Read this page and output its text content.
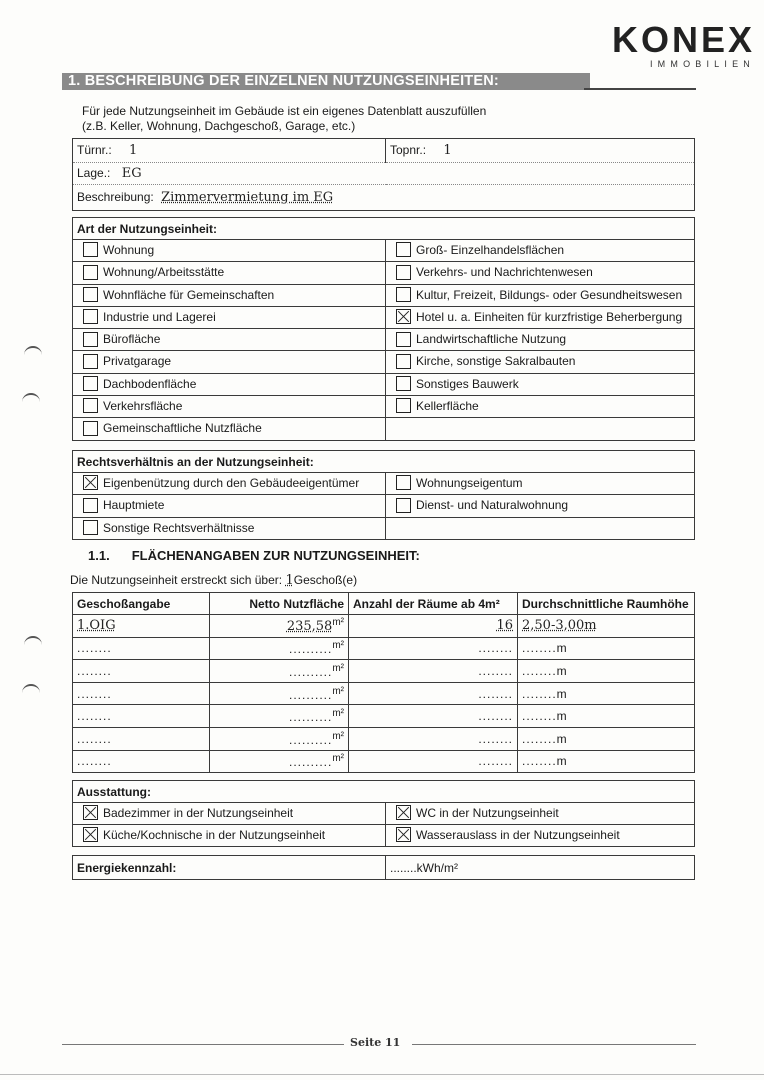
KONEX
IMMOBILIEN
1. BESCHREIBUNG DER EINZELNEN NUTZUNGSEINHEITEN:
Für jede Nutzungseinheit im Gebäude ist ein eigenes Datenblatt auszufüllen
(z.B. Keller, Wohnung, Dachgeschoß, Garage, etc.)
Türnr.: 1	Topnr.: 1
Lage.: EG
Beschreibung: Zimmervermietung im EG
Art der Nutzungseinheit:	
Wohnung	Groß- Einzelhandelsflächen
Wohnung/Arbeitsstätte	Verkehrs- und Nachrichtenwesen
Wohnfläche für Gemeinschaften	Kultur, Freizeit, Bildungs- oder Gesundheitswesen
Industrie und Lagerei	Hotel u. a. Einheiten für kurzfristige Beherbergung
Bürofläche	Landwirtschaftliche Nutzung
Privatgarage	Kirche, sonstige Sakralbauten
Dachbodenfläche	Sonstiges Bauwerk
Verkehrsfläche	Kellerfläche
Gemeinschaftliche Nutzfläche	
Rechtsverhältnis an der Nutzungseinheit:	
Eigenbenützung durch den Gebäudeeigentümer	Wohnungseigentum
Hauptmiete	Dienst- und Naturalwohnung
Sonstige Rechtsverhältnisse	
1.1. FLÄCHENANGABEN ZUR NUTZUNGSEINHEIT:
Die Nutzungseinheit erstreckt sich über: 1Geschoß(e)
Geschoßangabe	Netto Nutzfläche	Anzahl der Räume ab 4m²	Durchschnittliche Raumhöhe
1.OIG	$235,58^{m^2}$	16	2,50-3,00m
........	..........$^{m^2}$	........	........m
........	..........$^{m^2}$	........	........m
........	..........$^{m^2}$	........	........m
........	..........$^{m^2}$	........	........m
........	..........$^{m^2}$	........	........m
........	..........$^{m^2}$	........	........m
Ausstattung:	
Badezimmer in der Nutzungseinheit	WC in der Nutzungseinheit
Küche/Kochnische in der Nutzungseinheit	Wasserauslass in der Nutzungseinheit
Energiekennzahl:	........kWh/m²
Seite 11
